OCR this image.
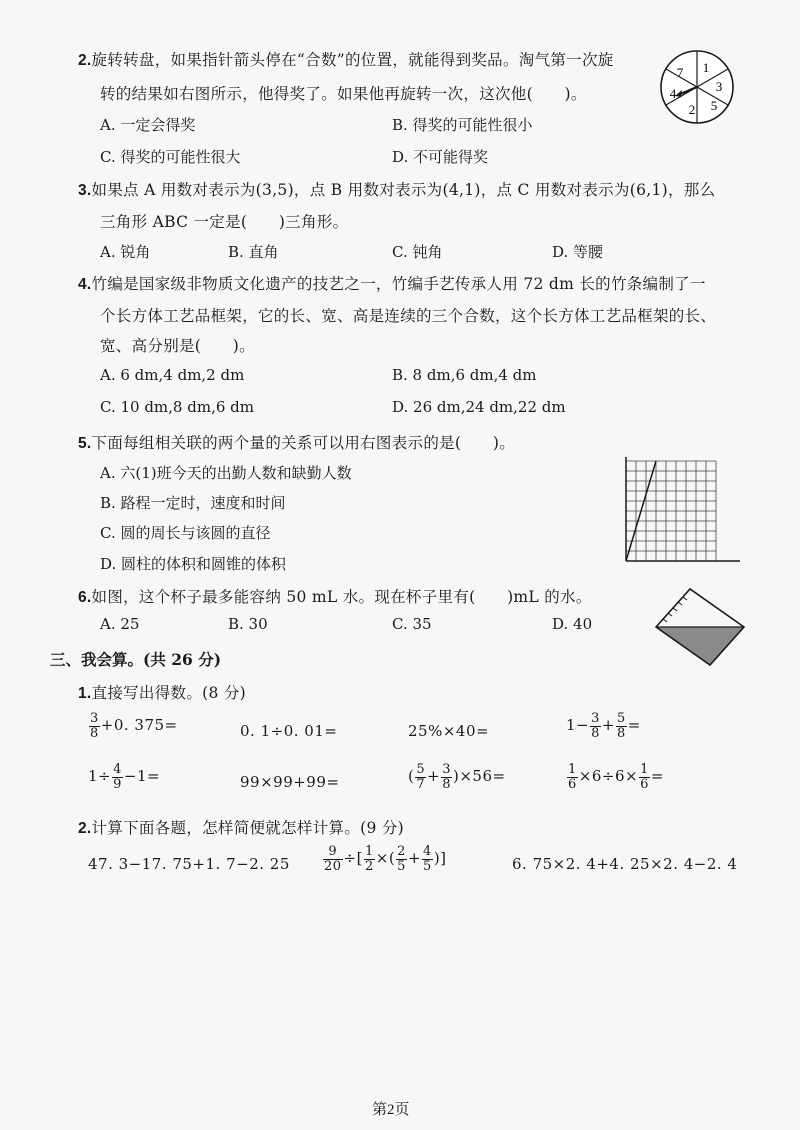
2.旋转转盘，如果指针箭头停在“合数”的位置，就能得到奖品。淘气第一次旋
转的结果如右图所示，他得奖了。如果他再旋转一次，这次他(　　)。
A. 一定会得奖	B. 得奖的可能性很小
C. 得奖的可能性很大	D. 不可能得奖
7 1
3
4
2 5
3.如果点 A 用数对表示为(3,5)，点 B 用数对表示为(4,1)，点 C 用数对表示为(6,1)，那么
三角形 ABC 一定是(　　)三角形。
A. 锐角	B. 直角	C. 钝角	D. 等腰
4.竹编是国家级非物质文化遗产的技艺之一，竹编手艺传承人用 72 dm 长的竹条编制了一
个长方体工艺品框架，它的长、宽、高是连续的三个合数，这个长方体工艺品框架的长、
宽、高分别是(　　)。
A. 6 dm,4 dm,2 dm	B. 8 dm,6 dm,4 dm
C. 10 dm,8 dm,6 dm	D. 26 dm,24 dm,22 dm
5.下面每组相关联的两个量的关系可以用右图表示的是(　　)。
A. 六(1)班今天的出勤人数和缺勤人数
B. 路程一定时，速度和时间
C. 圆的周长与该圆的直径
D. 圆柱的体积和圆锥的体积
6.如图，这个杯子最多能容纳 50 mL 水。现在杯子里有(　　)mL 的水。
A. 25	B. 30	C. 35	D. 40
三、我会算。(共 26 分)
1.直接写出得数。(8 分)
$\frac{3}{8} +0$. 375=	0. 1÷0. 01=	25%×40=	$1- \frac{3}{8} + \frac{5}{8}$ =
$1\div \frac{4}{9} -1=$	99×99+99=	( $\frac{5}{7} + \frac{3}{8} )\times 56=$	$\frac{1}{6} \times 6\div 6\times \frac{1}{6}$ =
2.计算下面各题，怎样简便就怎样计算。(9 分)
47. 3−17. 75+1. 7−2. 25	$\frac{9}{20}$ ÷[ $\frac{1}{2}$ ×( $\frac{2}{5} + \frac{4}{5}$ )]	6. 75×2. 4+4. 25×2. 4−2. 4
第2页
